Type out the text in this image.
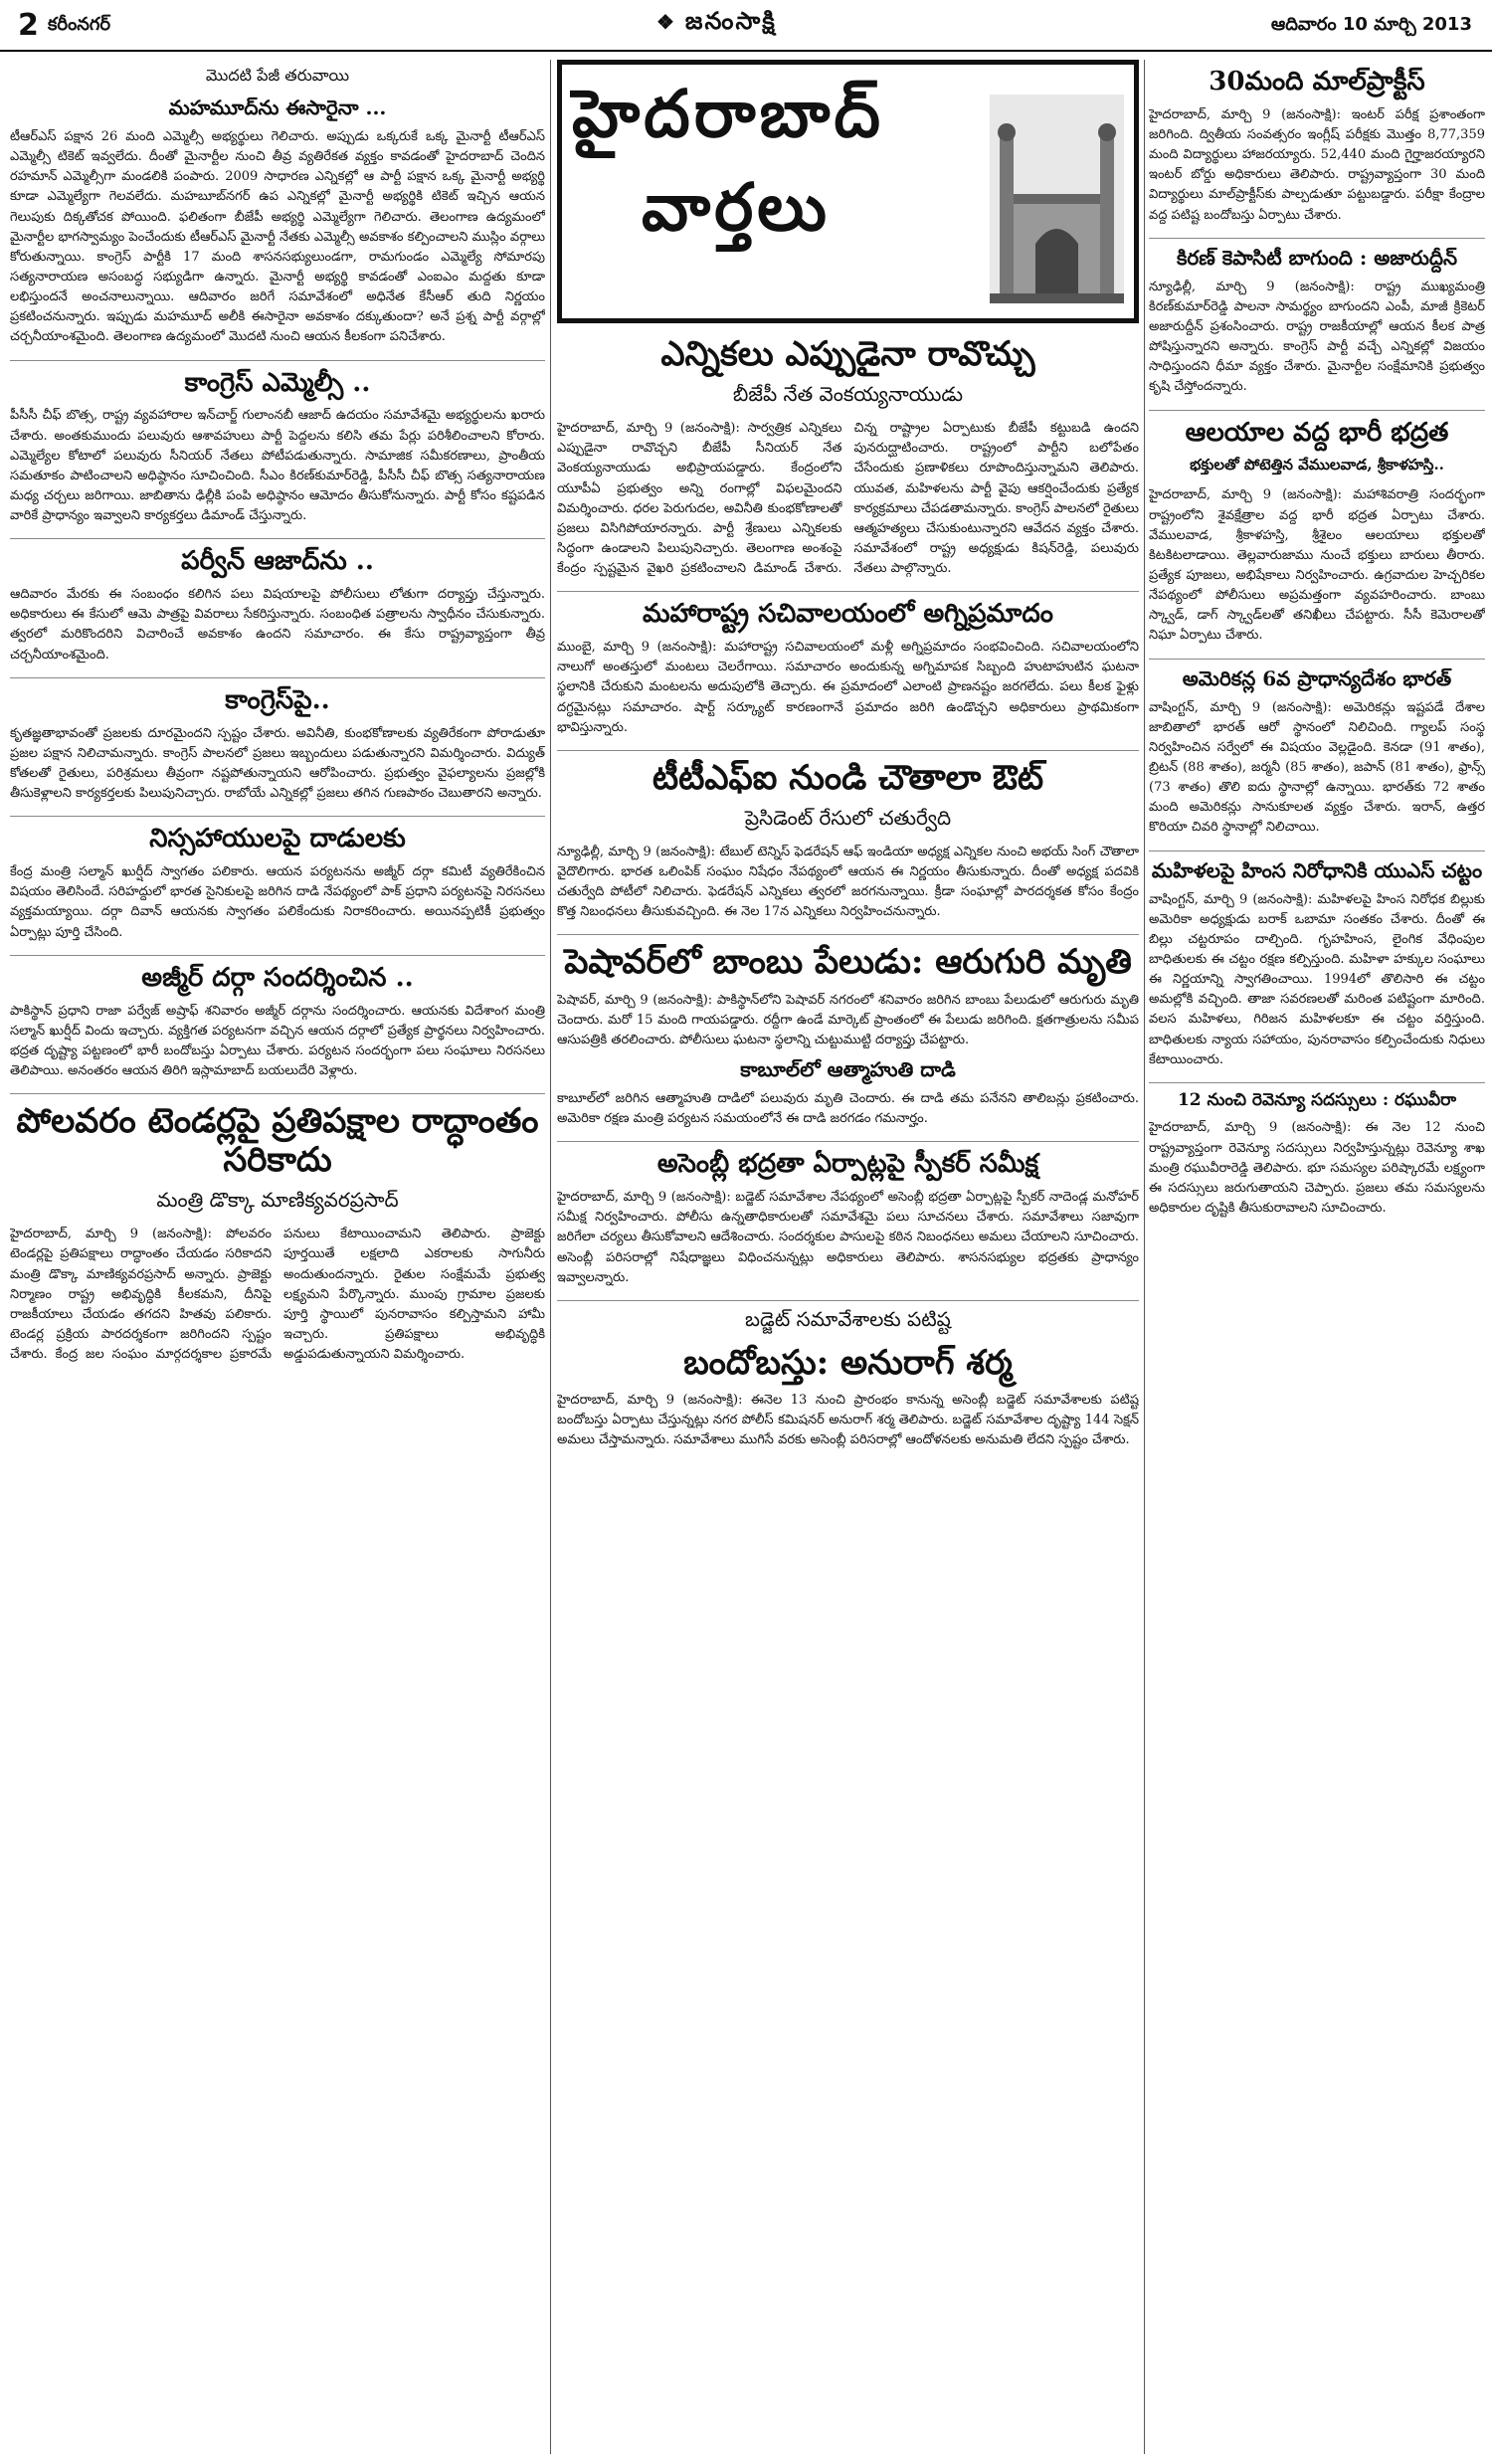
2 కరీంనగర్	❖ జనంసాక్షి	ఆదివారం 10 మార్చి 2013
మొదటి పేజీ తరువాయి
మహమూద్‌ను ఈసారైనా ...

టీఆర్‌ఎస్ పక్షాన 26 మంది ఎమ్మెల్సీ అభ్యర్థులు గెలిచారు. అప్పుడు ఒక్కరుకే ఒక్క మైనార్టీ టీఆర్ఎస్ ఎమ్మెల్సీ టికెట్ ఇవ్వలేదు. దీంతో మైనార్టీల నుంచి తీవ్ర వ్యతిరేకత వ్యక్తం కావడంతో హైదరాబాద్ చెందిన రహమాన్ ఎమ్మెల్సీగా మండలికి పంపారు. 2009 సాధారణ ఎన్నికల్లో ఆ పార్టీ పక్షాన ఒక్క మైనార్టీ అభ్యర్థి కూడా ఎమ్మెల్యేగా గెలవలేదు. మహబూబ్‌నగర్ ఉప ఎన్నికల్లో మైనార్టీ అభ్యర్థికి టికెట్ ఇచ్చిన ఆయన గెలుపుకు దిక్కతోచక పోయింది. ఫలితంగా బీజేపీ అభ్యర్థి ఎమ్మెల్యేగా గెలిచారు. తెలంగాణ ఉద్యమంలో మైనార్టీల భాగస్వామ్యం పెంచేందుకు టీఆర్ఎస్ మైనార్టీ నేతకు ఎమ్మెల్సీ అవకాశం కల్పించాలని ముస్లిం వర్గాలు కోరుతున్నాయి. కాంగ్రెస్ పార్టీకి 17 మంది శాసనసభ్యులుండగా, రామగుండం ఎమ్మెల్యే సోమారపు సత్యనారాయణ అసంబద్ధ సభ్యుడిగా ఉన్నారు. మైనార్టీ అభ్యర్థి కావడంతో ఎంఐఎం మద్దతు కూడా లభిస్తుందనే అంచనాలున్నాయి. ఆదివారం జరిగే సమావేశంలో అధినేత కేసీఆర్ తుది నిర్ణయం ప్రకటించనున్నారు. ఇప్పుడు మహమూద్ అలీకి ఈసారైనా అవకాశం దక్కుతుందా? అనే ప్రశ్న పార్టీ వర్గాల్లో చర్చనీయాంశమైంది. తెలంగాణ ఉద్యమంలో మొదటి నుంచి ఆయన కీలకంగా పనిచేశారు.

కాంగ్రెస్ ఎమ్మెల్సీ ..

పీసీసీ చీఫ్ బొత్స, రాష్ట్ర వ్యవహారాల ఇన్‌చార్జ్ గులాంనబీ ఆజాద్ ఉదయం సమావేశమై అభ్యర్థులను ఖరారు చేశారు. అంతకుముందు పలువురు ఆశావహులు పార్టీ పెద్దలను కలిసి తమ పేర్లు పరిశీలించాలని కోరారు. ఎమ్మెల్యేల కోటాలో పలువురు సీనియర్ నేతలు పోటీపడుతున్నారు. సామాజిక సమీకరణాలు, ప్రాంతీయ సమతూకం పాటించాలని అధిష్ఠానం సూచించింది. సీఎం కిరణ్‌కుమార్‌రెడ్డి, పీసీసీ చీఫ్ బొత్స సత్యనారాయణ మధ్య చర్చలు జరిగాయి. జాబితాను ఢిల్లీకి పంపి అధిష్ఠానం ఆమోదం తీసుకోనున్నారు. పార్టీ కోసం కష్టపడిన వారికే ప్రాధాన్యం ఇవ్వాలని కార్యకర్తలు డిమాండ్ చేస్తున్నారు.

పర్వీన్ ఆజాద్‌ను ..

ఆదివారం మేరకు ఈ సంబంధం కలిగిన పలు విషయాలపై పోలీసులు లోతుగా దర్యాప్తు చేస్తున్నారు. అధికారులు ఈ కేసులో ఆమె పాత్రపై వివరాలు సేకరిస్తున్నారు. సంబంధిత పత్రాలను స్వాధీనం చేసుకున్నారు. త్వరలో మరికొందరిని విచారించే అవకాశం ఉందని సమాచారం. ఈ కేసు రాష్ట్రవ్యాప్తంగా తీవ్ర చర్చనీయాంశమైంది.

కాంగ్రెస్‌పై..

కృతజ్ఞతాభావంతో ప్రజలకు దూరమైందని స్పష్టం చేశారు. అవినీతి, కుంభకోణాలకు వ్యతిరేకంగా పోరాడుతూ ప్రజల పక్షాన నిలిచామన్నారు. కాంగ్రెస్ పాలనలో ప్రజలు ఇబ్బందులు పడుతున్నారని విమర్శించారు. విద్యుత్ కోతలతో రైతులు, పరిశ్రమలు తీవ్రంగా నష్టపోతున్నాయని ఆరోపించారు. ప్రభుత్వం వైఫల్యాలను ప్రజల్లోకి తీసుకెళ్లాలని కార్యకర్తలకు పిలుపునిచ్చారు. రాబోయే ఎన్నికల్లో ప్రజలు తగిన గుణపాఠం చెబుతారని అన్నారు.

నిస్సహాయులపై దాడులకు

కేంద్ర మంత్రి సల్మాన్ ఖుర్షీద్ స్వాగతం పలికారు. ఆయన పర్యటనను అజ్మీర్ దర్గా కమిటీ వ్యతిరేకించిన విషయం తెలిసిందే. సరిహద్దులో భారత సైనికులపై జరిగిన దాడి నేపథ్యంలో పాక్ ప్రధాని పర్యటనపై నిరసనలు వ్యక్తమయ్యాయి. దర్గా దివాన్ ఆయనకు స్వాగతం పలికేందుకు నిరాకరించారు. అయినప్పటికీ ప్రభుత్వం ఏర్పాట్లు పూర్తి చేసింది.

అజ్మీర్ దర్గా సందర్శించిన ..

పాకిస్థాన్ ప్రధాని రాజా పర్వేజ్ అష్రాఫ్ శనివారం అజ్మీర్ దర్గాను సందర్శించారు. ఆయనకు విదేశాంగ మంత్రి సల్మాన్ ఖుర్షీద్ విందు ఇచ్చారు. వ్యక్తిగత పర్యటనగా వచ్చిన ఆయన దర్గాలో ప్రత్యేక ప్రార్థనలు నిర్వహించారు. భద్రత దృష్ట్యా పట్టణంలో భారీ బందోబస్తు ఏర్పాటు చేశారు. పర్యటన సందర్భంగా పలు సంఘాలు నిరసనలు తెలిపాయి. అనంతరం ఆయన తిరిగి ఇస్లామాబాద్ బయలుదేరి వెళ్లారు.

పోలవరం టెండర్లపై ప్రతిపక్షాల రాద్ధాంతం సరికాదు
మంత్రి డొక్కా మాణిక్యవరప్రసాద్

హైదరాబాద్, మార్చి 9 (జనంసాక్షి): పోలవరం టెండర్లపై ప్రతిపక్షాలు రాద్ధాంతం చేయడం సరికాదని మంత్రి డొక్కా మాణిక్యవరప్రసాద్ అన్నారు. ప్రాజెక్టు నిర్మాణం రాష్ట్ర అభివృద్ధికి కీలకమని, దీనిపై రాజకీయాలు చేయడం తగదని హితవు పలికారు. టెండర్ల ప్రక్రియ పారదర్శకంగా జరిగిందని స్పష్టం చేశారు. కేంద్ర జల సంఘం మార్గదర్శకాల ప్రకారమే పనులు కేటాయించామని తెలిపారు. ప్రాజెక్టు పూర్తయితే లక్షలాది ఎకరాలకు సాగునీరు అందుతుందన్నారు. రైతుల సంక్షేమమే ప్రభుత్వ లక్ష్యమని పేర్కొన్నారు. ముంపు గ్రామాల ప్రజలకు పూర్తి స్థాయిలో పునరావాసం కల్పిస్తామని హామీ ఇచ్చారు. ప్రతిపక్షాలు అభివృద్ధికి అడ్డుపడుతున్నాయని విమర్శించారు.

హైదరాబాద్
వార్తలు
ఎన్నికలు ఎప్పుడైనా రావొచ్చు
బీజేపీ నేత వెంకయ్యనాయుడు

హైదరాబాద్, మార్చి 9 (జనంసాక్షి): సార్వత్రిక ఎన్నికలు ఎప్పుడైనా రావొచ్చని బీజేపీ సీనియర్ నేత వెంకయ్యనాయుడు అభిప్రాయపడ్డారు. కేంద్రంలోని యూపీఏ ప్రభుత్వం అన్ని రంగాల్లో విఫలమైందని విమర్శించారు. ధరల పెరుగుదల, అవినీతి కుంభకోణాలతో ప్రజలు విసిగిపోయారన్నారు. పార్టీ శ్రేణులు ఎన్నికలకు సిద్ధంగా ఉండాలని పిలుపునిచ్చారు. తెలంగాణ అంశంపై కేంద్రం స్పష్టమైన వైఖరి ప్రకటించాలని డిమాండ్ చేశారు. చిన్న రాష్ట్రాల ఏర్పాటుకు బీజేపీ కట్టుబడి ఉందని పునరుద్ఘాటించారు. రాష్ట్రంలో పార్టీని బలోపేతం చేసేందుకు ప్రణాళికలు రూపొందిస్తున్నామని తెలిపారు. యువత, మహిళలను పార్టీ వైపు ఆకర్షించేందుకు ప్రత్యేక కార్యక్రమాలు చేపడతామన్నారు. కాంగ్రెస్ పాలనలో రైతులు ఆత్మహత్యలు చేసుకుంటున్నారని ఆవేదన వ్యక్తం చేశారు. సమావేశంలో రాష్ట్ర అధ్యక్షుడు కిషన్‌రెడ్డి, పలువురు నేతలు పాల్గొన్నారు.

మహారాష్ట్ర సచివాలయంలో అగ్నిప్రమాదం

ముంబై, మార్చి 9 (జనంసాక్షి): మహారాష్ట్ర సచివాలయంలో మళ్లీ అగ్నిప్రమాదం సంభవించింది. సచివాలయంలోని నాలుగో అంతస్తులో మంటలు చెలరేగాయి. సమాచారం అందుకున్న అగ్నిమాపక సిబ్బంది హుటాహుటిన ఘటనా స్థలానికి చేరుకుని మంటలను అదుపులోకి తెచ్చారు. ఈ ప్రమాదంలో ఎలాంటి ప్రాణనష్టం జరగలేదు. పలు కీలక ఫైళ్లు దగ్ధమైనట్లు సమాచారం. షార్ట్ సర్క్యూట్ కారణంగానే ప్రమాదం జరిగి ఉండొచ్చని అధికారులు ప్రాథమికంగా భావిస్తున్నారు.

టీటీఎఫ్ఐ నుండి చౌతాలా ఔట్
ప్రెసిడెంట్ రేసులో చతుర్వేది

న్యూఢిల్లీ, మార్చి 9 (జనంసాక్షి): టేబుల్ టెన్నిస్ ఫెడరేషన్ ఆఫ్ ఇండియా అధ్యక్ష ఎన్నికల నుంచి అభయ్ సింగ్ చౌతాలా వైదొలిగారు. భారత ఒలింపిక్ సంఘం నిషేధం నేపథ్యంలో ఆయన ఈ నిర్ణయం తీసుకున్నారు. దీంతో అధ్యక్ష పదవికి చతుర్వేది పోటీలో నిలిచారు. ఫెడరేషన్ ఎన్నికలు త్వరలో జరగనున్నాయి. క్రీడా సంఘాల్లో పారదర్శకత కోసం కేంద్రం కొత్త నిబంధనలు తీసుకువచ్చింది. ఈ నెల 17న ఎన్నికలు నిర్వహించనున్నారు.

పెషావర్‌లో బాంబు పేలుడు: ఆరుగురి మృతి

పెషావర్, మార్చి 9 (జనంసాక్షి): పాకిస్థాన్‌లోని పెషావర్ నగరంలో శనివారం జరిగిన బాంబు పేలుడులో ఆరుగురు మృతి చెందారు. మరో 15 మంది గాయపడ్డారు. రద్దీగా ఉండే మార్కెట్ ప్రాంతంలో ఈ పేలుడు జరిగింది. క్షతగాత్రులను సమీప ఆసుపత్రికి తరలించారు. పోలీసులు ఘటనా స్థలాన్ని చుట్టుముట్టి దర్యాప్తు చేపట్టారు.

కాబూల్‌లో ఆత్మాహుతి దాడి

కాబూల్‌లో జరిగిన ఆత్మాహుతి దాడిలో పలువురు మృతి చెందారు. ఈ దాడి తమ పనేనని తాలిబన్లు ప్రకటించారు. అమెరికా రక్షణ మంత్రి పర్యటన సమయంలోనే ఈ దాడి జరగడం గమనార్హం.

అసెంబ్లీ భద్రతా ఏర్పాట్లపై స్పీకర్ సమీక్ష

హైదరాబాద్, మార్చి 9 (జనంసాక్షి): బడ్జెట్ సమావేశాల నేపథ్యంలో అసెంబ్లీ భద్రతా ఏర్పాట్లపై స్పీకర్ నాదెండ్ల మనోహర్ సమీక్ష నిర్వహించారు. పోలీసు ఉన్నతాధికారులతో సమావేశమై పలు సూచనలు చేశారు. సమావేశాలు సజావుగా జరిగేలా చర్యలు తీసుకోవాలని ఆదేశించారు. సందర్శకుల పాసులపై కఠిన నిబంధనలు అమలు చేయాలని సూచించారు. అసెంబ్లీ పరిసరాల్లో నిషేధాజ్ఞలు విధించనున్నట్లు అధికారులు తెలిపారు. శాసనసభ్యుల భద్రతకు ప్రాధాన్యం ఇవ్వాలన్నారు.

బడ్జెట్ సమావేశాలకు పటిష్ట
బందోబస్తు: అనురాగ్ శర్మ

హైదరాబాద్, మార్చి 9 (జనంసాక్షి): ఈనెల 13 నుంచి ప్రారంభం కానున్న అసెంబ్లీ బడ్జెట్ సమావేశాలకు పటిష్ట బందోబస్తు ఏర్పాటు చేస్తున్నట్లు నగర పోలీస్ కమిషనర్ అనురాగ్ శర్మ తెలిపారు. బడ్జెట్ సమావేశాల దృష్ట్యా 144 సెక్షన్ అమలు చేస్తామన్నారు. సమావేశాలు ముగిసే వరకు అసెంబ్లీ పరిసరాల్లో ఆందోళనలకు అనుమతి లేదని స్పష్టం చేశారు.

30మంది మాల్‌ప్రాక్టీస్

హైదరాబాద్, మార్చి 9 (జనంసాక్షి): ఇంటర్ పరీక్ష ప్రశాంతంగా జరిగింది. ద్వితీయ సంవత్సరం ఇంగ్లీష్ పరీక్షకు మొత్తం 8,77,359 మంది విద్యార్థులు హాజరయ్యారు. 52,440 మంది గైర్హాజరయ్యారని ఇంటర్ బోర్డు అధికారులు తెలిపారు. రాష్ట్రవ్యాప్తంగా 30 మంది విద్యార్థులు మాల్‌ప్రాక్టీస్‌కు పాల్పడుతూ పట్టుబడ్డారు. పరీక్షా కేంద్రాల వద్ద పటిష్ట బందోబస్తు ఏర్పాటు చేశారు.

కిరణ్ కెపాసిటీ బాగుంది : అజారుద్దీన్

న్యూఢిల్లీ, మార్చి 9 (జనంసాక్షి): రాష్ట్ర ముఖ్యమంత్రి కిరణ్‌కుమార్‌రెడ్డి పాలనా సామర్థ్యం బాగుందని ఎంపీ, మాజీ క్రికెటర్ అజారుద్దీన్ ప్రశంసించారు. రాష్ట్ర రాజకీయాల్లో ఆయన కీలక పాత్ర పోషిస్తున్నారని అన్నారు. కాంగ్రెస్ పార్టీ వచ్చే ఎన్నికల్లో విజయం సాధిస్తుందని ధీమా వ్యక్తం చేశారు. మైనార్టీల సంక్షేమానికి ప్రభుత్వం కృషి చేస్తోందన్నారు.

ఆలయాల వద్ద భారీ భద్రత
భక్తులతో పోటెత్తిన వేములవాడ, శ్రీకాళహస్తి..

హైదరాబాద్, మార్చి 9 (జనంసాక్షి): మహాశివరాత్రి సందర్భంగా రాష్ట్రంలోని శైవక్షేత్రాల వద్ద భారీ భద్రత ఏర్పాటు చేశారు. వేములవాడ, శ్రీకాళహస్తి, శ్రీశైలం ఆలయాలు భక్తులతో కిటకిటలాడాయి. తెల్లవారుజాము నుంచే భక్తులు బారులు తీరారు. ప్రత్యేక పూజలు, అభిషేకాలు నిర్వహించారు. ఉగ్రవాదుల హెచ్చరికల నేపథ్యంలో పోలీసులు అప్రమత్తంగా వ్యవహరించారు. బాంబు స్క్వాడ్, డాగ్ స్క్వాడ్‌లతో తనిఖీలు చేపట్టారు. సీసీ కెమెరాలతో నిఘా ఏర్పాటు చేశారు.

అమెరికన్ల 6వ ప్రాధాన్యదేశం భారత్

వాషింగ్టన్, మార్చి 9 (జనంసాక్షి): అమెరికన్లు ఇష్టపడే దేశాల జాబితాలో భారత్ ఆరో స్థానంలో నిలిచింది. గ్యాలప్ సంస్థ నిర్వహించిన సర్వేలో ఈ విషయం వెల్లడైంది. కెనడా (91 శాతం), బ్రిటన్ (88 శాతం), జర్మనీ (85 శాతం), జపాన్ (81 శాతం), ఫ్రాన్స్ (73 శాతం) తొలి ఐదు స్థానాల్లో ఉన్నాయి. భారత్‌కు 72 శాతం మంది అమెరికన్లు సానుకూలత వ్యక్తం చేశారు. ఇరాన్, ఉత్తర కొరియా చివరి స్థానాల్లో నిలిచాయి.

మహిళలపై హింస నిరోధానికి యుఎస్ చట్టం

వాషింగ్టన్, మార్చి 9 (జనంసాక్షి): మహిళలపై హింస నిరోధక బిల్లుకు అమెరికా అధ్యక్షుడు బరాక్ ఒబామా సంతకం చేశారు. దీంతో ఈ బిల్లు చట్టరూపం దాల్చింది. గృహహింస, లైంగిక వేధింపుల బాధితులకు ఈ చట్టం రక్షణ కల్పిస్తుంది. మహిళా హక్కుల సంఘాలు ఈ నిర్ణయాన్ని స్వాగతించాయి. 1994లో తొలిసారి ఈ చట్టం అమల్లోకి వచ్చింది. తాజా సవరణలతో మరింత పటిష్టంగా మారింది. వలస మహిళలు, గిరిజన మహిళలకూ ఈ చట్టం వర్తిస్తుంది. బాధితులకు న్యాయ సహాయం, పునరావాసం కల్పించేందుకు నిధులు కేటాయించారు.

12 నుంచి రెవెన్యూ సదస్సులు : రఘువీరా

హైదరాబాద్, మార్చి 9 (జనంసాక్షి): ఈ నెల 12 నుంచి రాష్ట్రవ్యాప్తంగా రెవెన్యూ సదస్సులు నిర్వహిస్తున్నట్లు రెవెన్యూ శాఖ మంత్రి రఘువీరారెడ్డి తెలిపారు. భూ సమస్యల పరిష్కారమే లక్ష్యంగా ఈ సదస్సులు జరుగుతాయని చెప్పారు. ప్రజలు తమ సమస్యలను అధికారుల దృష్టికి తీసుకురావాలని సూచించారు.
